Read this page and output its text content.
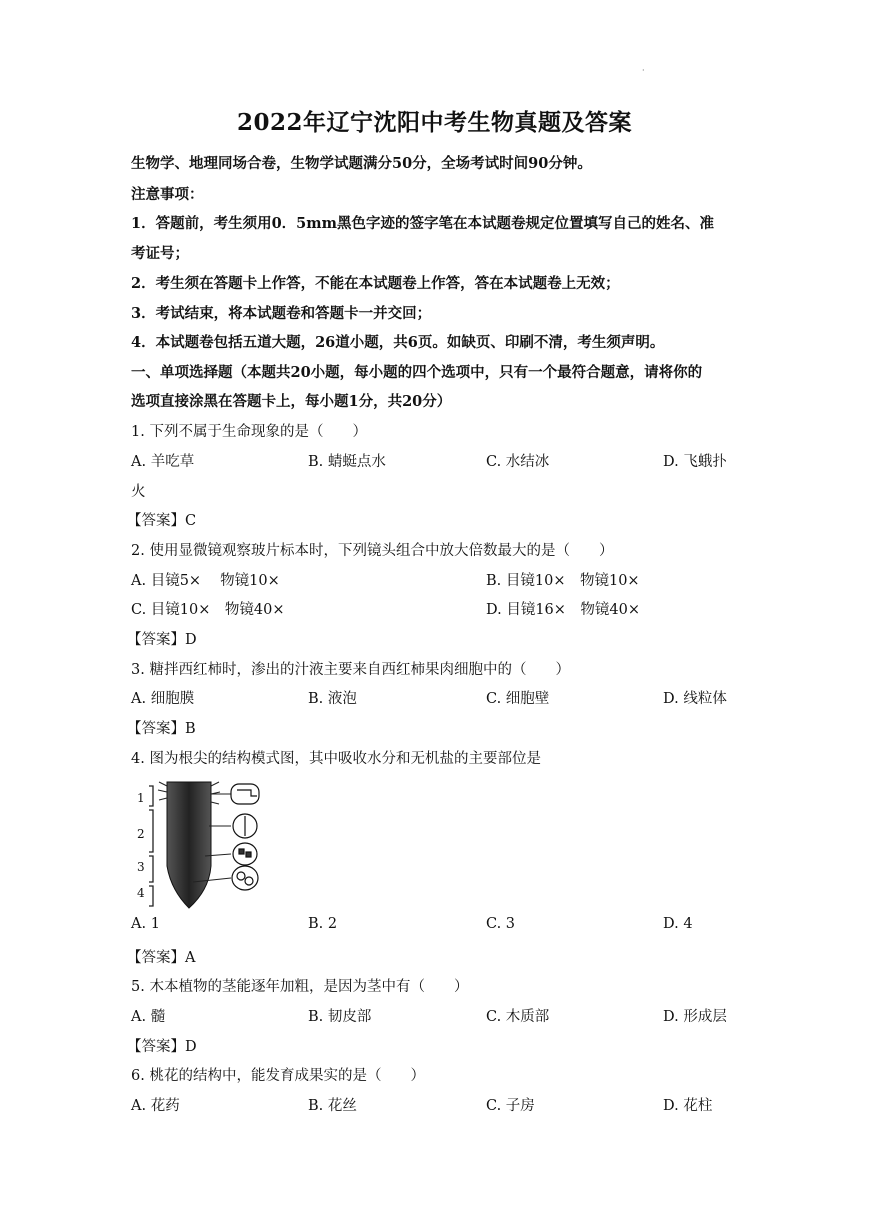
·
2022年辽宁沈阳中考生物真题及答案
生物学、地理同场合卷，生物学试题满分50分，全场考试时间90分钟。
注意事项：
1．答题前，考生须用0．5mm黑色字迹的签字笔在本试题卷规定位置填写自己的姓名、准
考证号；
2．考生须在答题卡上作答，不能在本试题卷上作答，答在本试题卷上无效；
3．考试结束，将本试题卷和答题卡一并交回；
4．本试题卷包括五道大题，26道小题，共6页。如缺页、印刷不清，考生须声明。
一、单项选择题（本题共20小题，每小题的四个选项中，只有一个最符合题意，请将你的
选项直接涂黑在答题卡上，每小题1分，共20分）
1. 下列不属于生命现象的是（　　）
A. 羊吃草	B. 蜻蜓点水	C. 水结冰	D. 飞蛾扑
火
【答案】C
2. 使用显微镜观察玻片标本时，下列镜头组合中放大倍数最大的是（　　）
A. 目镜5×　 物镜10×	B. 目镜10×　物镜10×
C. 目镜10×　物镜40×	D. 目镜16×　物镜40×
【答案】D
3. 糖拌西红柿时，渗出的汁液主要来自西红柿果肉细胞中的（　　）
A. 细胞膜	B. 液泡	C. 细胞壁	D. 线粒体
【答案】B
4. 图为根尖的结构模式图，其中吸收水分和无机盐的主要部位是
1
2
3
4
A. 1	B. 2	C. 3	D. 4
【答案】A
5. 木本植物的茎能逐年加粗，是因为茎中有（　　）
A. 髓	B. 韧皮部	C. 木质部	D. 形成层
【答案】D
6. 桃花的结构中，能发育成果实的是（　　）
A. 花药	B. 花丝	C. 子房	D. 花柱
